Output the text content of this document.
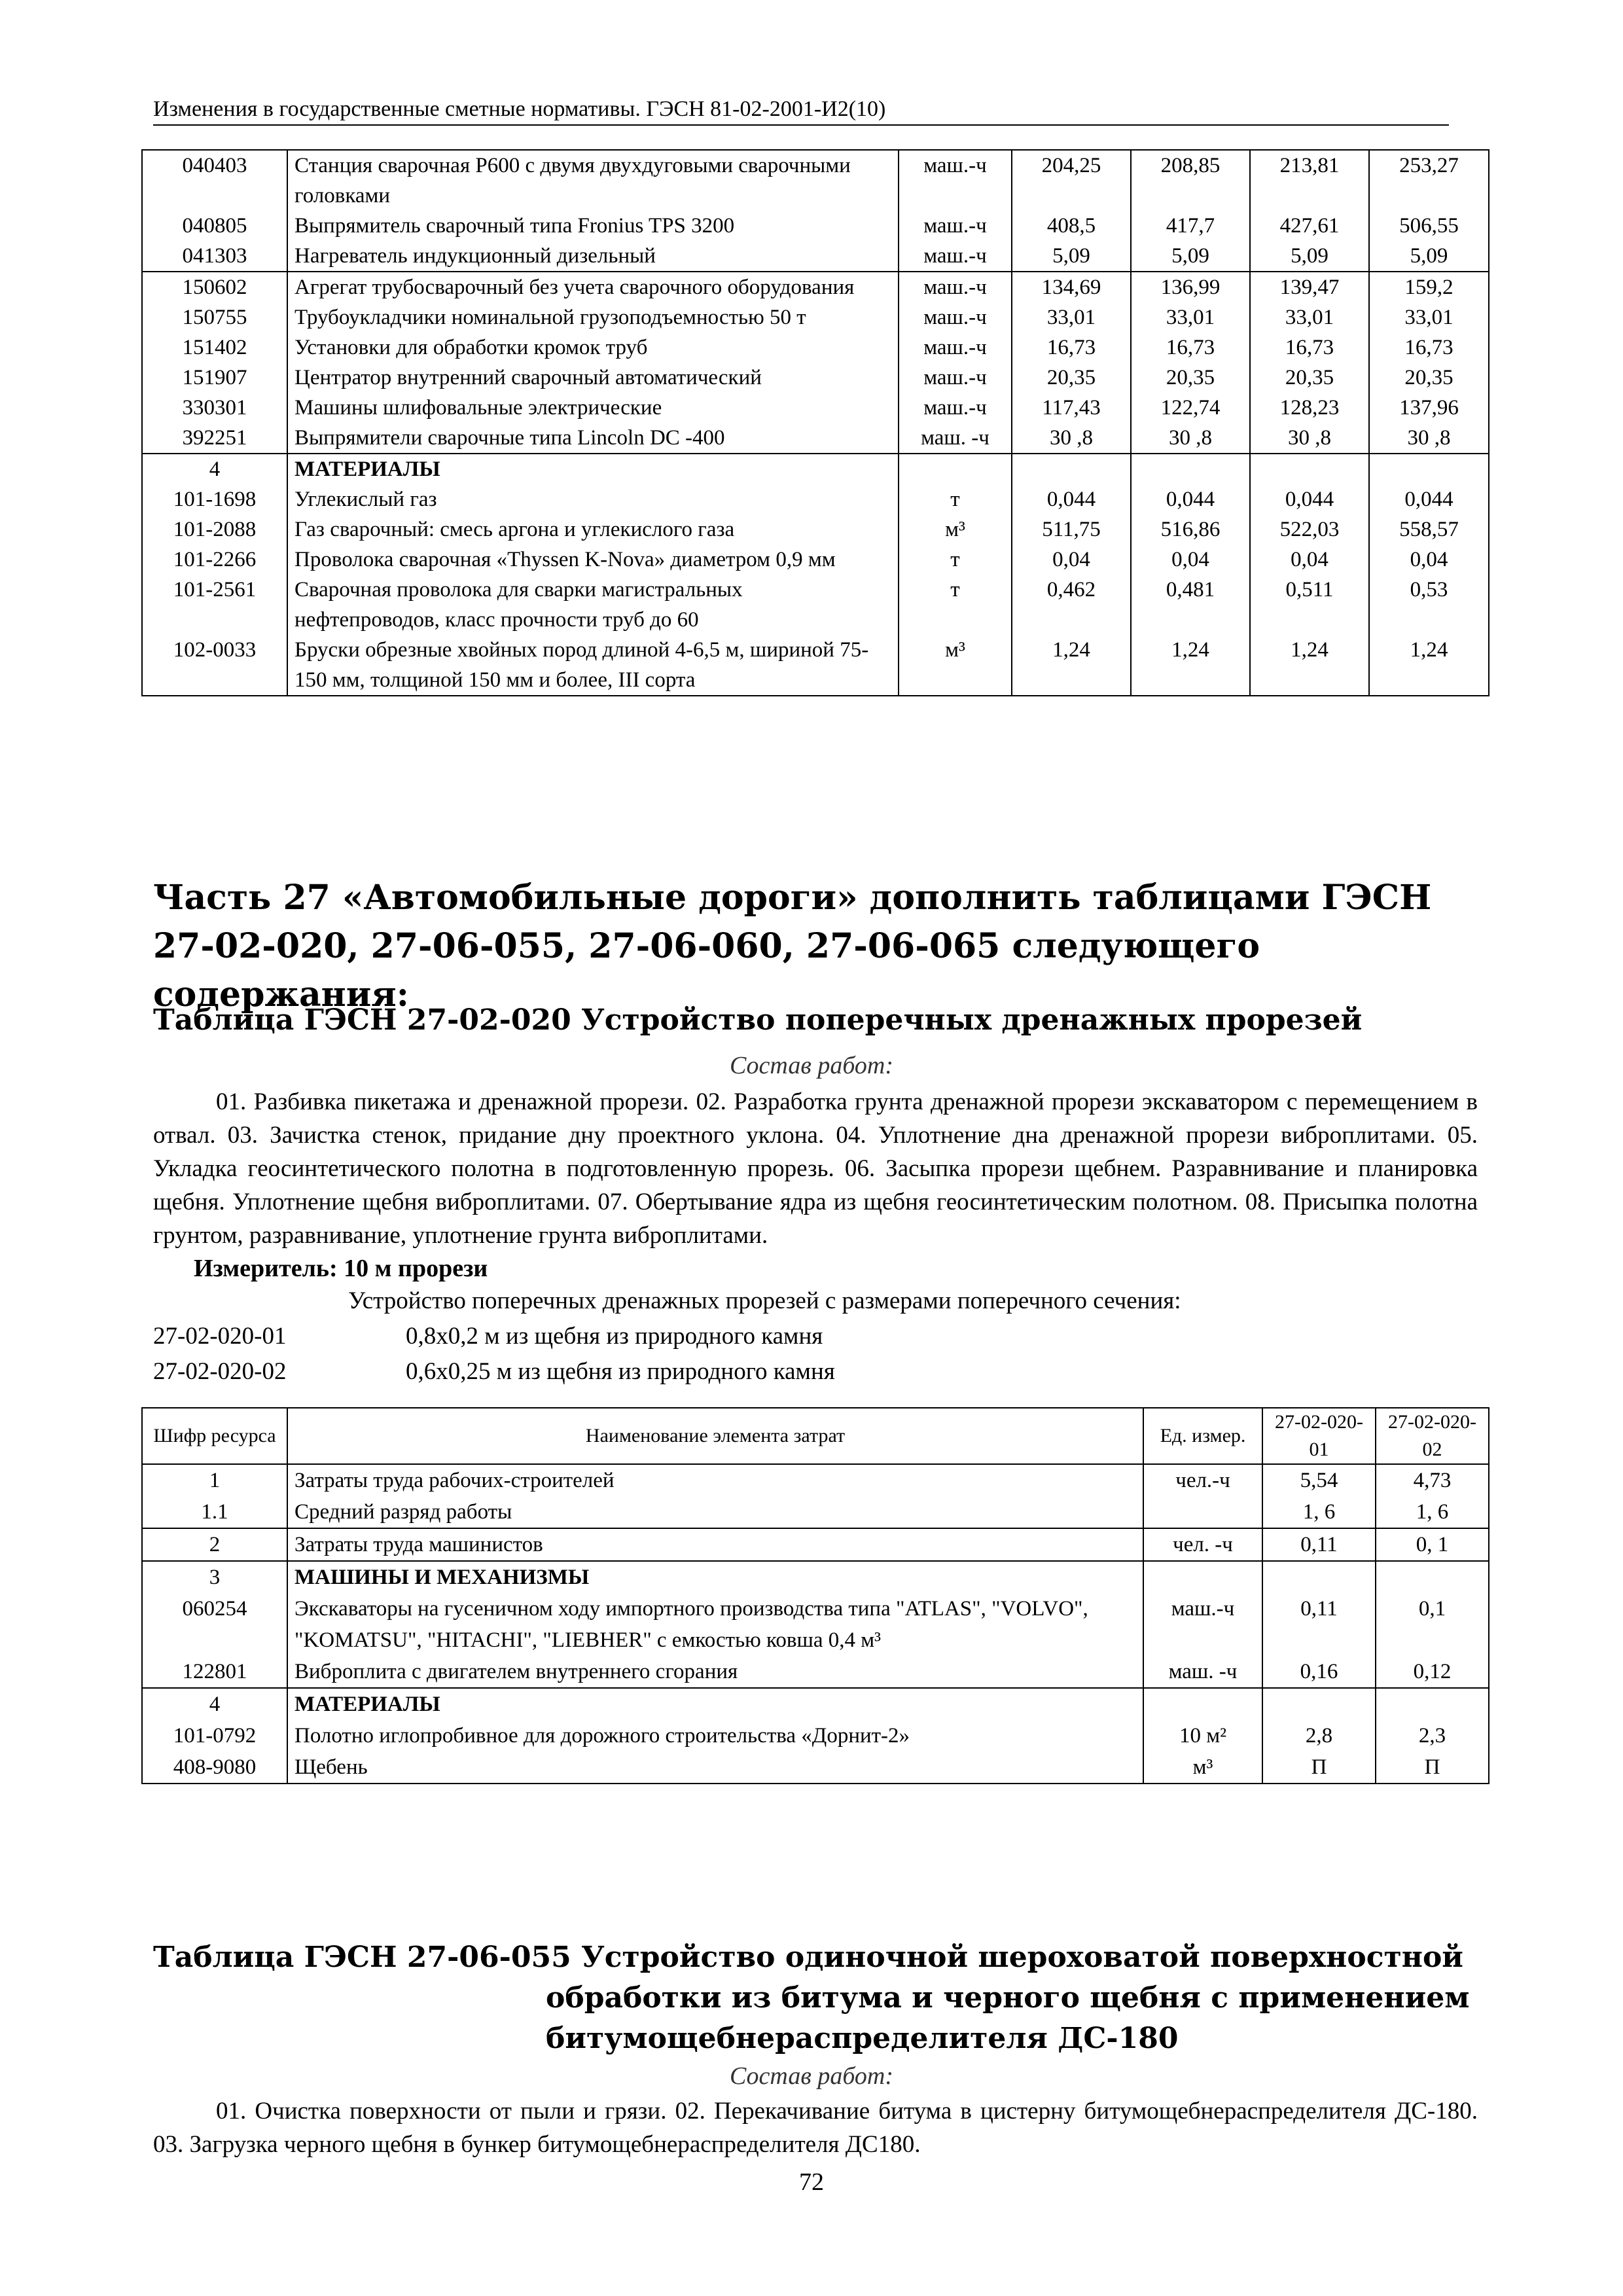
Изменения в государственные сметные нормативы. ГЭСН 81-02-2001-И2(10)
040403	Станция сварочная Р600 с двумя двухдуговыми сварочными головками	маш.-ч	204,25	208,85	213,81	253,27
040805	Выпрямитель сварочный типа Fronius TPS 3200	маш.-ч	408,5	417,7	427,61	506,55
041303	Нагреватель индукционный дизельный	маш.-ч	5,09	5,09	5,09	5,09
150602	Агрегат трубосварочный без учета сварочного оборудования	маш.-ч	134,69	136,99	139,47	159,2
150755	Трубоукладчики номинальной грузоподъемностью 50 т	маш.-ч	33,01	33,01	33,01	33,01
151402	Установки для обработки кромок труб	маш.-ч	16,73	16,73	16,73	16,73
151907	Центратор внутренний сварочный автоматический	маш.-ч	20,35	20,35	20,35	20,35
330301	Машины шлифовальные электрические	маш.-ч	117,43	122,74	128,23	137,96
392251	Выпрямители сварочные типа Lincoln DC -400	маш. -ч	30 ,8	30 ,8	30 ,8	30 ,8
4	МАТЕРИАЛЫ					
101-1698	Углекислый газ	т	0,044	0,044	0,044	0,044
101-2088	Газ сварочный: смесь аргона и углекислого газа	м³	511,75	516,86	522,03	558,57
101-2266	Проволока сварочная «Thyssen K-Nova» диаметром 0,9 мм	т	0,04	0,04	0,04	0,04
101-2561	Сварочная проволока для сварки магистральных нефтепроводов, класс прочности труб до 60	т	0,462	0,481	0,511	0,53
102-0033	Бруски обрезные хвойных пород длиной 4-6,5 м, шириной 75-150 мм, толщиной 150 мм и более, III сорта	м³	1,24	1,24	1,24	1,24
Часть 27 «Автомобильные дороги» дополнить таблицами ГЭСН 27-02-020, 27-06-055, 27-06-060, 27-06-065 следующего содержания:
Таблица ГЭСН 27-02-020 Устройство поперечных дренажных прорезей
Состав работ:
01. Разбивка пикетажа и дренажной прорези. 02. Разработка грунта дренажной прорези экскаватором с перемещением в отвал. 03. Зачистка стенок, придание дну проектного уклона. 04. Уплотнение дна дренажной прорези виброплитами. 05. Укладка геосинтетического полотна в подготовленную прорезь. 06. Засыпка прорези щебнем. Разравнивание и планировка щебня. Уплотнение щебня виброплитами. 07. Обертывание ядра из щебня геосинтетическим полотном. 08. Присыпка полотна грунтом, разравнивание, уплотнение грунта виброплитами.
Измеритель: 10 м прорези
Устройство поперечных дренажных прорезей с размерами поперечного сечения:
27-02-020-01	0,8х0,2 м из щебня из природного камня
27-02-020-02	0,6х0,25 м из щебня из природного камня
Шифр ресурса	Наименование элемента затрат	Ед. измер.	27-02-020-01	27-02-020-02
1	Затраты труда рабочих-строителей	чел.-ч	5,54	4,73
1.1	Средний разряд работы		1, 6	1, 6
2	Затраты труда машинистов	чел. -ч	0,11	0, 1
3	МАШИНЫ И МЕХАНИЗМЫ			
060254	Экскаваторы на гусеничном ходу импортного производства типа "ATLAS", "VOLVO", "KOMATSU", "HITACHI", "LIEBHER" с емкостью ковша 0,4 м³	маш.-ч	0,11	0,1
122801	Виброплита с двигателем внутреннего сгорания	маш. -ч	0,16	0,12
4	МАТЕРИАЛЫ			
101-0792	Полотно иглопробивное для дорожного строительства «Дорнит-2»	10 м²	2,8	2,3
408-9080	Щебень	м³	П	П
Таблица ГЭСН 27-06-055 Устройство одиночной шероховатой поверхностной
обработки из битума и черного щебня с применением
битумощебнераспределителя ДС-180
Состав работ:
01. Очистка поверхности от пыли и грязи. 02. Перекачивание битума в цистерну битумощебнераспределителя ДС-180. 03. Загрузка черного щебня в бункер битумощебнераспределителя ДС180.
72
